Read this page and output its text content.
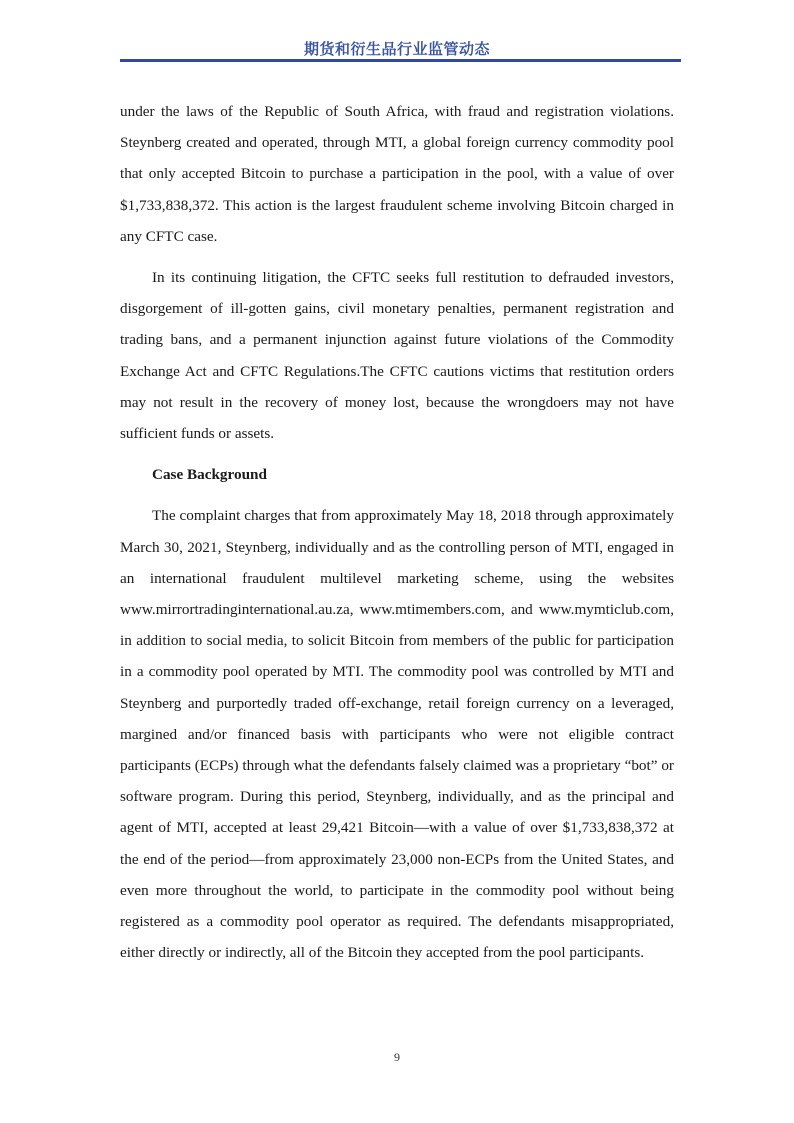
期货和衍生品行业监管动态

under the laws of the Republic of South Africa, with fraud and registration violations. Steynberg created and operated, through MTI, a global foreign currency commodity pool that only accepted Bitcoin to purchase a participation in the pool, with a value of over $1,733,838,372. This action is the largest fraudulent scheme involving Bitcoin charged in any CFTC case.

In its continuing litigation, the CFTC seeks full restitution to defrauded investors, disgorgement of ill-gotten gains, civil monetary penalties, permanent registration and trading bans, and a permanent injunction against future violations of the Commodity Exchange Act and CFTC Regulations.The CFTC cautions victims that restitution orders may not result in the recovery of money lost, because the wrongdoers may not have sufficient funds or assets.

Case Background

The complaint charges that from approximately May 18, 2018 through approximately March 30, 2021, Steynberg, individually and as the controlling person of MTI, engaged in an international fraudulent multilevel marketing scheme, using the websites www.mirrortradinginternational.au.za, www.mtimembers.com, and www.mymticlub.com, in addition to social media, to solicit Bitcoin from members of the public for participation in a commodity pool operated by MTI. The commodity pool was controlled by MTI and Steynberg and purportedly traded off-exchange, retail foreign currency on a leveraged, margined and/or financed basis with participants who were not eligible contract participants (ECPs) through what the defendants falsely claimed was a proprietary “bot” or software program. During this period, Steynberg, individually, and as the principal and agent of MTI, accepted at least 29,421 Bitcoin—with a value of over $1,733,838,372 at the end of the period—from approximately 23,000 non-ECPs from the United States, and even more throughout the world, to participate in the commodity pool without being registered as a commodity pool operator as required. The defendants misappropriated, either directly or indirectly, all of the Bitcoin they accepted from the pool participants.

9
